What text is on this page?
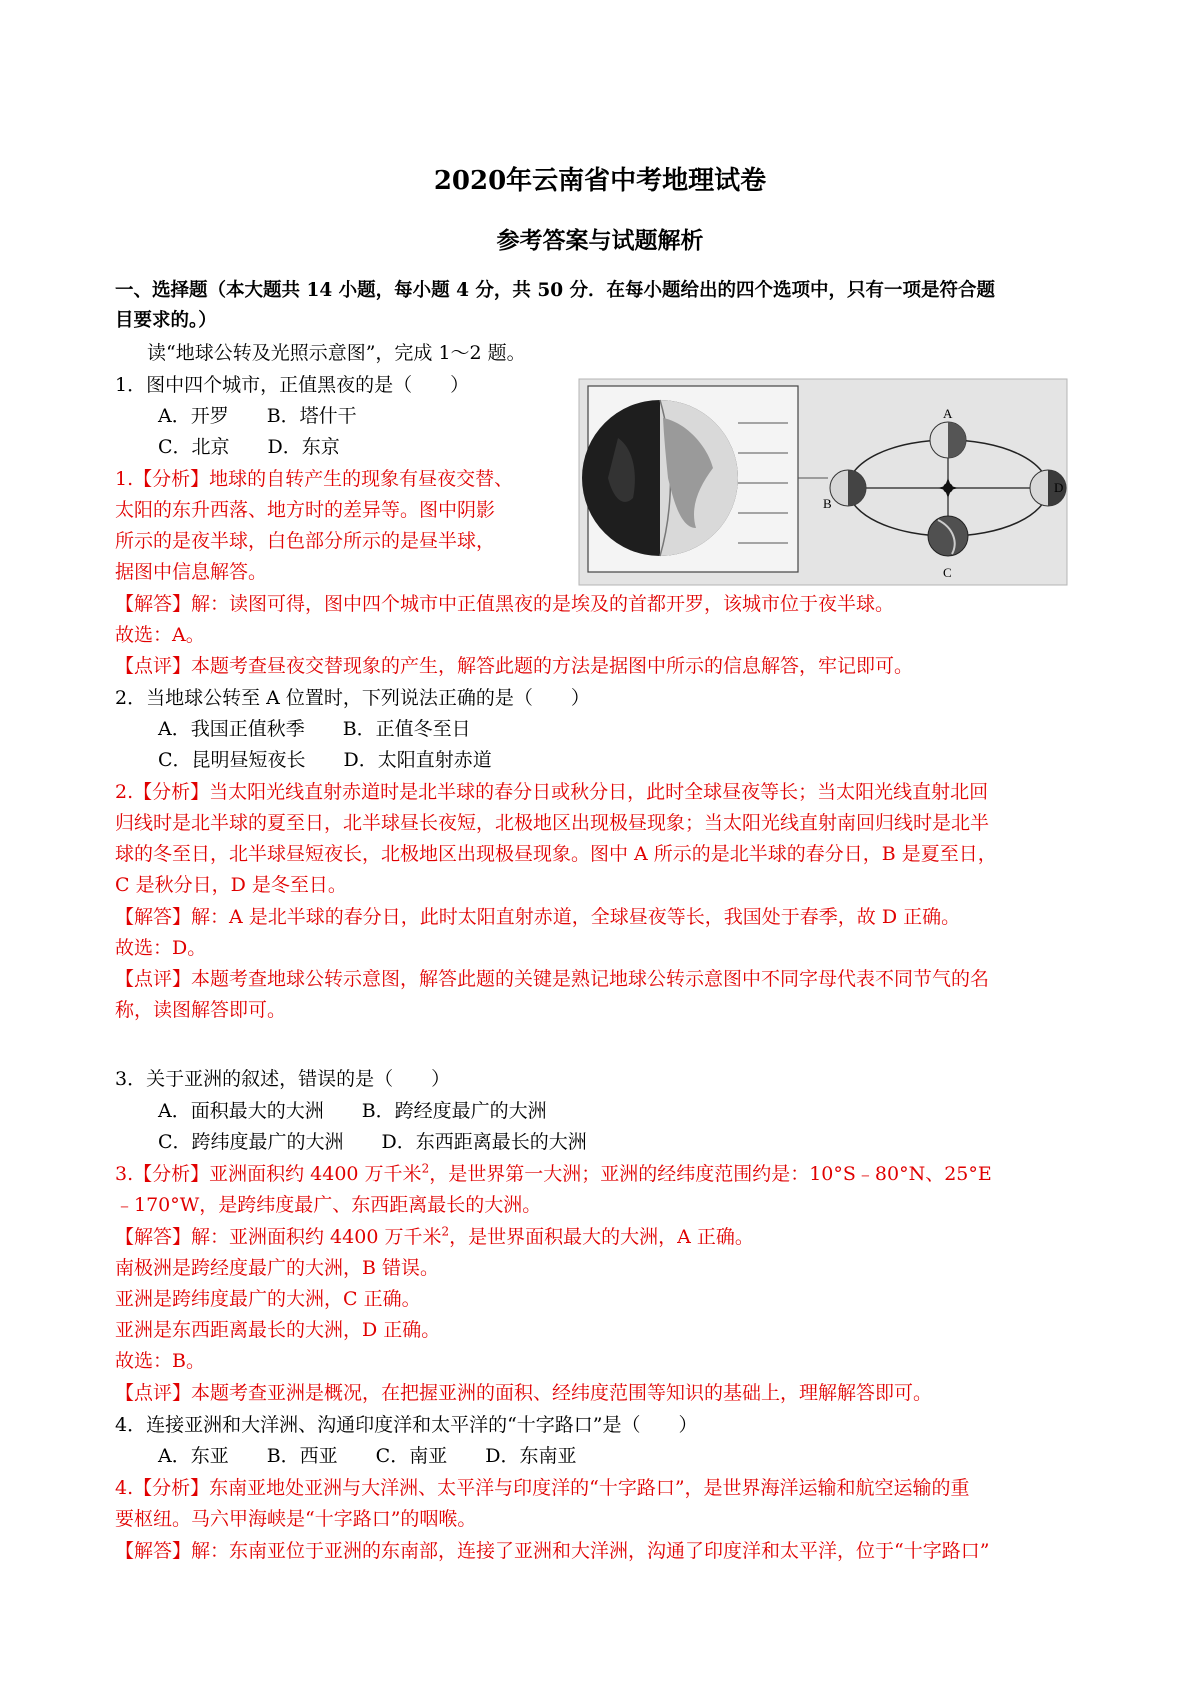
2020年云南省中考地理试卷
参考答案与试题解析
一、选择题（本大题共 14 小题，每小题 4 分，共 50 分．在每小题给出的四个选项中，只有一项是符合题
目要求的。）
读“地球公转及光照示意图”，完成 1～2 题。
1．图中四个城市，正值黑夜的是（　　）
A．开罗　　B．塔什干
C．北京　　D．东京
1.【分析】地球的自转产生的现象有昼夜交替、
太阳的东升西落、地方时的差异等。图中阴影
所示的是夜半球，白色部分所示的是昼半球，
据图中信息解答。
【解答】解：读图可得，图中四个城市中正值黑夜的是埃及的首都开罗，该城市位于夜半球。
故选：A。
【点评】本题考查昼夜交替现象的产生，解答此题的方法是据图中所示的信息解答，牢记即可。
A
B
C
D
2．当地球公转至 A 位置时，下列说法正确的是（　　）
A．我国正值秋季　　B．正值冬至日
C．昆明昼短夜长　　D．太阳直射赤道
2.【分析】当太阳光线直射赤道时是北半球的春分日或秋分日，此时全球昼夜等长；当太阳光线直射北回
归线时是北半球的夏至日，北半球昼长夜短，北极地区出现极昼现象；当太阳光线直射南回归线时是北半
球的冬至日，北半球昼短夜长，北极地区出现极昼现象。图中 A 所示的是北半球的春分日，B 是夏至日，
C 是秋分日，D 是冬至日。
【解答】解：A 是北半球的春分日，此时太阳直射赤道，全球昼夜等长，我国处于春季，故 D 正确。
故选：D。
【点评】本题考查地球公转示意图，解答此题的关键是熟记地球公转示意图中不同字母代表不同节气的名
称，读图解答即可。
3．关于亚洲的叙述，错误的是（　　）
A．面积最大的大洲　　B．跨经度最广的大洲
C．跨纬度最广的大洲　　D．东西距离最长的大洲
3.【分析】亚洲面积约 4400 万千米$^2$，是世界第一大洲；亚洲的经纬度范围约是：10°S﹣80°N、25°E
﹣170°W，是跨纬度最广、东西距离最长的大洲。
【解答】解：亚洲面积约 4400 万千米$^2$，是世界面积最大的大洲，A 正确。
南极洲是跨经度最广的大洲，B 错误。
亚洲是跨纬度最广的大洲，C 正确。
亚洲是东西距离最长的大洲，D 正确。
故选：B。
【点评】本题考查亚洲是概况，在把握亚洲的面积、经纬度范围等知识的基础上，理解解答即可。
4．连接亚洲和大洋洲、沟通印度洋和太平洋的“十字路口”是（　　）
A．东亚　　B．西亚　　C．南亚　　D．东南亚
4.【分析】东南亚地处亚洲与大洋洲、太平洋与印度洋的“十字路口”，是世界海洋运输和航空运输的重
要枢纽。马六甲海峡是“十字路口”的咽喉。
【解答】解：东南亚位于亚洲的东南部，连接了亚洲和大洋洲，沟通了印度洋和太平洋，位于“十字路口”
